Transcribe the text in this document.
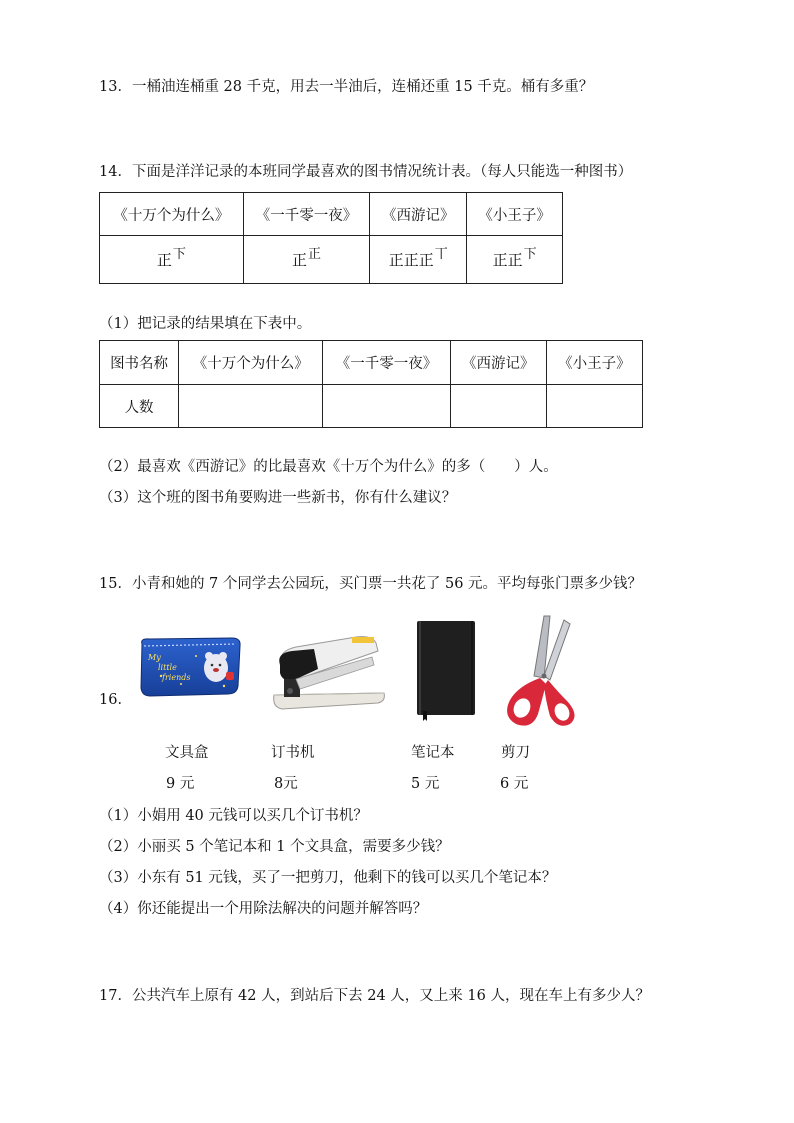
13．一桶油连桶重 28 千克，用去一半油后，连桶还重 15 千克。桶有多重？
14．下面是洋洋记录的本班同学最喜欢的图书情况统计表。（每人只能选一种图书）
《十万个为什么》	《一千零一夜》	《西游记》	《小王子》
正下	正正	正正正丅	正正下
（1）把记录的结果填在下表中。
图书名称	《十万个为什么》	《一千零一夜》	《西游记》	《小王子》
人数				
（2）最喜欢《西游记》的比最喜欢《十万个为什么》的多（　　）人。
（3）这个班的图书角要购进一些新书，你有什么建议？
15．小青和她的 7 个同学去公园玩，买门票一共花了 56 元。平均每张门票多少钱？
16．
My
little
friends
文具盒	订书机	笔记本	剪刀
9 元	8元	5 元	6 元
（1）小娟用 40 元钱可以买几个订书机？
（2）小丽买 5 个笔记本和 1 个文具盒，需要多少钱？
（3）小东有 51 元钱，买了一把剪刀，他剩下的钱可以买几个笔记本？
（4）你还能提出一个用除法解决的问题并解答吗？
17．公共汽车上原有 42 人，到站后下去 24 人，又上来 16 人，现在车上有多少人？
